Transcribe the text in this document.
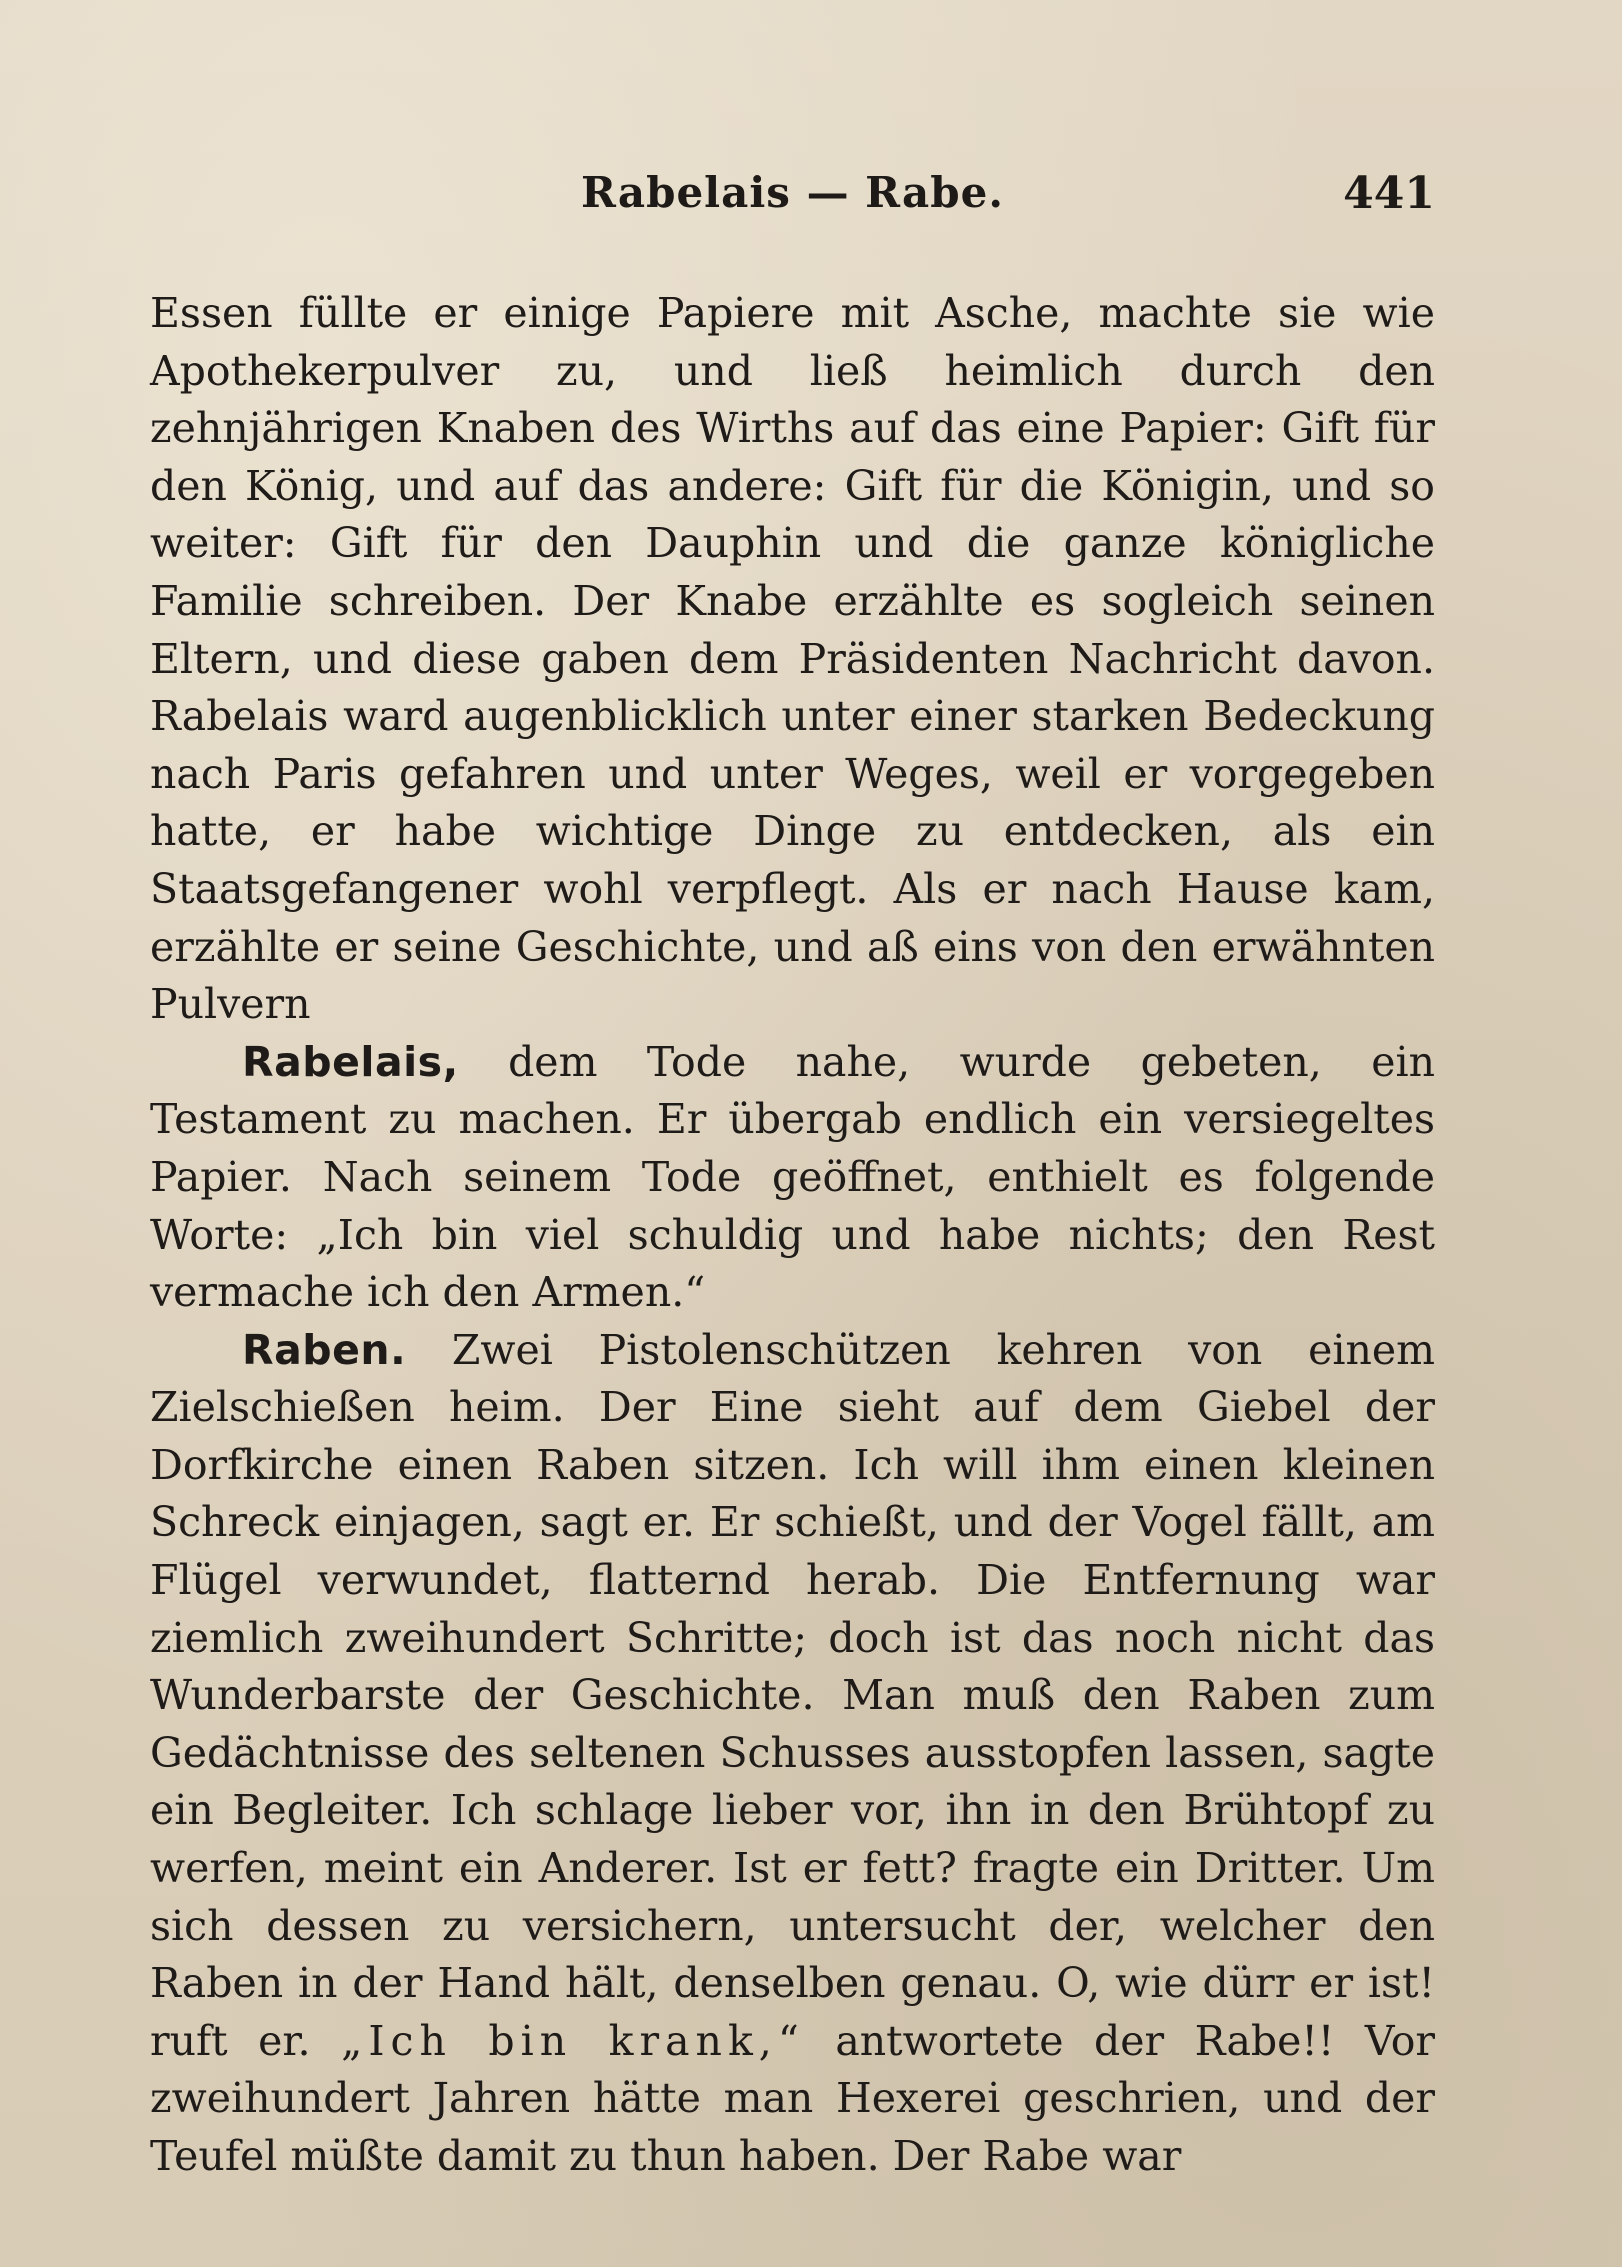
Rabelais — Rabe.	441

Essen füllte er einige Papiere mit Asche, machte sie wie Apothekerpulver zu, und ließ heimlich durch den zehnjährigen Knaben des Wirths auf das eine Papier: Gift für den König, und auf das andere: Gift für die Königin, und so weiter: Gift für den Dauphin und die ganze königliche Familie schreiben. Der Knabe erzählte es sogleich seinen Eltern, und diese gaben dem Präsidenten Nachricht davon. Rabelais ward augenblicklich unter einer starken Bedeckung nach Paris gefahren und unter Weges, weil er vorgegeben hatte, er habe wichtige Dinge zu entdecken, als ein Staatsgefangener wohl verpflegt. Als er nach Hause kam, erzählte er seine Geschichte, und aß eins von den erwähnten Pulvern

Rabelais, dem Tode nahe, wurde gebeten, ein Testament zu machen. Er übergab endlich ein versiegeltes Papier. Nach seinem Tode geöffnet, enthielt es folgende Worte: „Ich bin viel schuldig und habe nichts; den Rest vermache ich den Armen.“

Raben. Zwei Pistolenschützen kehren von einem Zielschießen heim. Der Eine sieht auf dem Giebel der Dorfkirche einen Raben sitzen. Ich will ihm einen kleinen Schreck einjagen, sagt er. Er schießt, und der Vogel fällt, am Flügel verwundet, flatternd herab. Die Entfernung war ziemlich zweihundert Schritte; doch ist das noch nicht das Wunderbarste der Geschichte. Man muß den Raben zum Gedächtnisse des seltenen Schusses ausstopfen lassen, sagte ein Begleiter. Ich schlage lieber vor, ihn in den Brühtopf zu werfen, meint ein Anderer. Ist er fett? fragte ein Dritter. Um sich dessen zu versichern, untersucht der, welcher den Raben in der Hand hält, denselben genau. O, wie dürr er ist! ruft er. „Ich bin krank,“ antwortete der Rabe!! Vor zweihundert Jahren hätte man Hexerei geschrien, und der Teufel müßte damit zu thun haben. Der Rabe war
